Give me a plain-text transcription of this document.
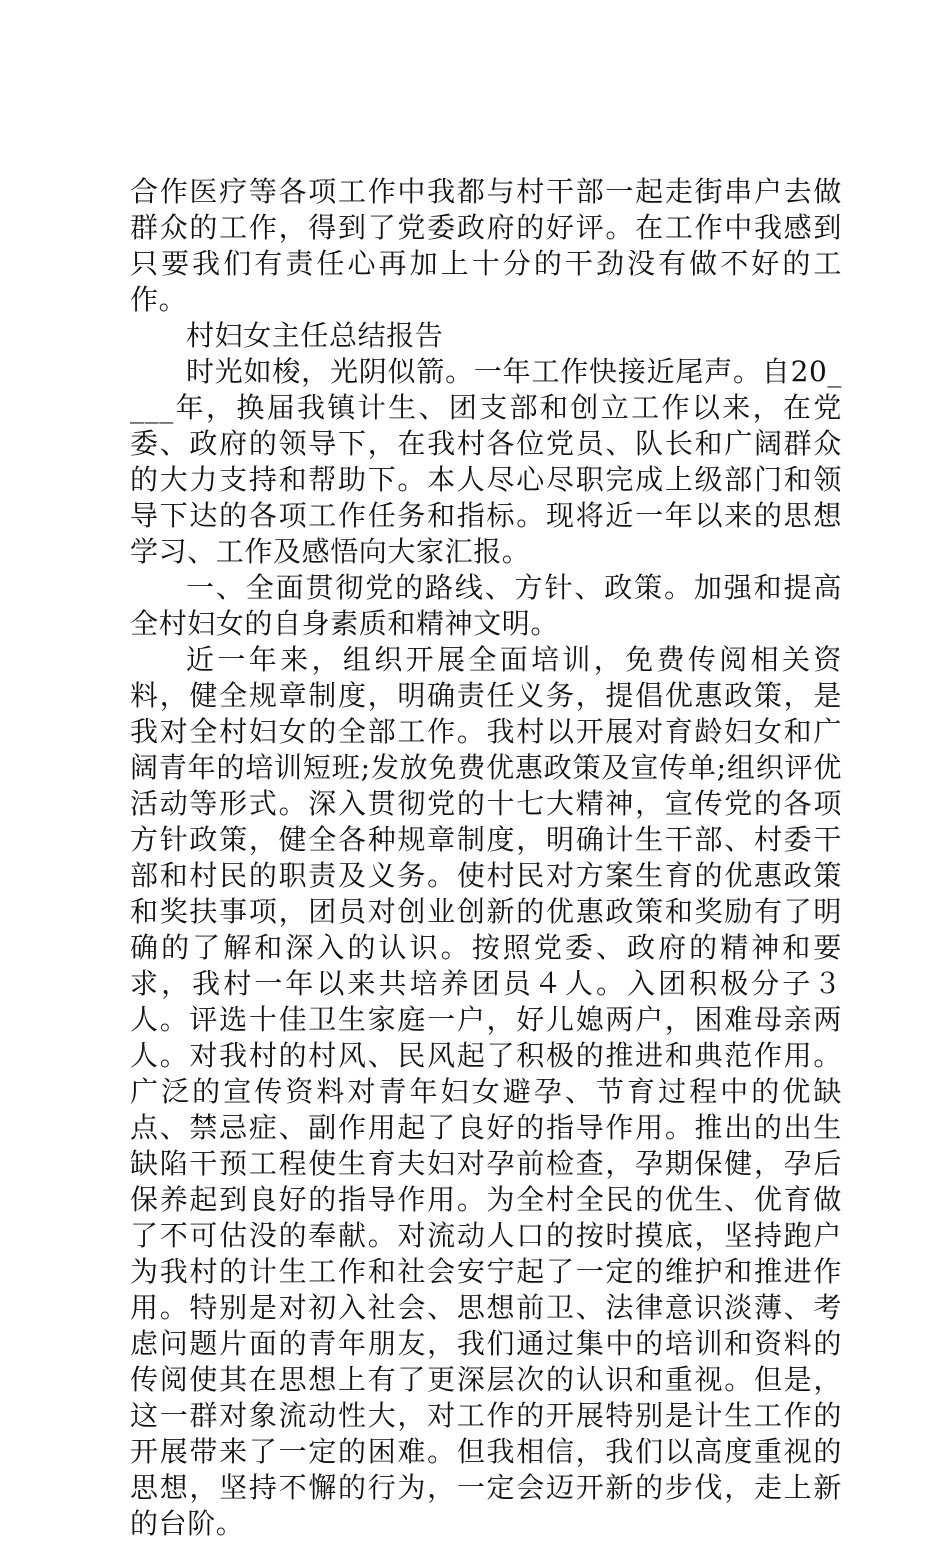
合作医疗等各项工作中我都与村干部一起走街串户去做群众的工作，得到了党委政府的好评。在工作中我感到只要我们有责任心再加上十分的干劲没有做不好的工作。

村妇女主任总结报告

时光如梭，光阴似箭。一年工作快接近尾声。自20____年，换届我镇计生、团支部和创立工作以来，在党委、政府的领导下，在我村各位党员、队长和广阔群众的大力支持和帮助下。本人尽心尽职完成上级部门和领导下达的各项工作任务和指标。现将近一年以来的思想学习、工作及感悟向大家汇报。

一、全面贯彻党的路线、方针、政策。加强和提高全村妇女的自身素质和精神文明。

近一年来，组织开展全面培训，免费传阅相关资料，健全规章制度，明确责任义务，提倡优惠政策，是我对全村妇女的全部工作。我村以开展对育龄妇女和广阔青年的培训短班;发放免费优惠政策及宣传单;组织评优活动等形式。深入贯彻党的十七大精神，宣传党的各项方针政策，健全各种规章制度，明确计生干部、村委干部和村民的职责及义务。使村民对方案生育的优惠政策和奖扶事项，团员对创业创新的优惠政策和奖励有了明确的了解和深入的认识。按照党委、政府的精神和要求，我村一年以来共培养团员４人。入团积极分子３人。评选十佳卫生家庭一户，好儿媳两户，困难母亲两人。对我村的村风、民风起了积极的推进和典范作用。广泛的宣传资料对青年妇女避孕、节育过程中的优缺点、禁忌症、副作用起了良好的指导作用。推出的出生缺陷干预工程使生育夫妇对孕前检查，孕期保健，孕后保养起到良好的指导作用。为全村全民的优生、优育做了不可估没的奉献。对流动人口的按时摸底，坚持跑户为我村的计生工作和社会安宁起了一定的维护和推进作用。特别是对初入社会、思想前卫、法律意识淡薄、考虑问题片面的青年朋友，我们通过集中的培训和资料的传阅使其在思想上有了更深层次的认识和重视。但是，这一群对象流动性大，对工作的开展特别是计生工作的开展带来了一定的困难。但我相信，我们以高度重视的思想，坚持不懈的行为，一定会迈开新的步伐，走上新的台阶。
